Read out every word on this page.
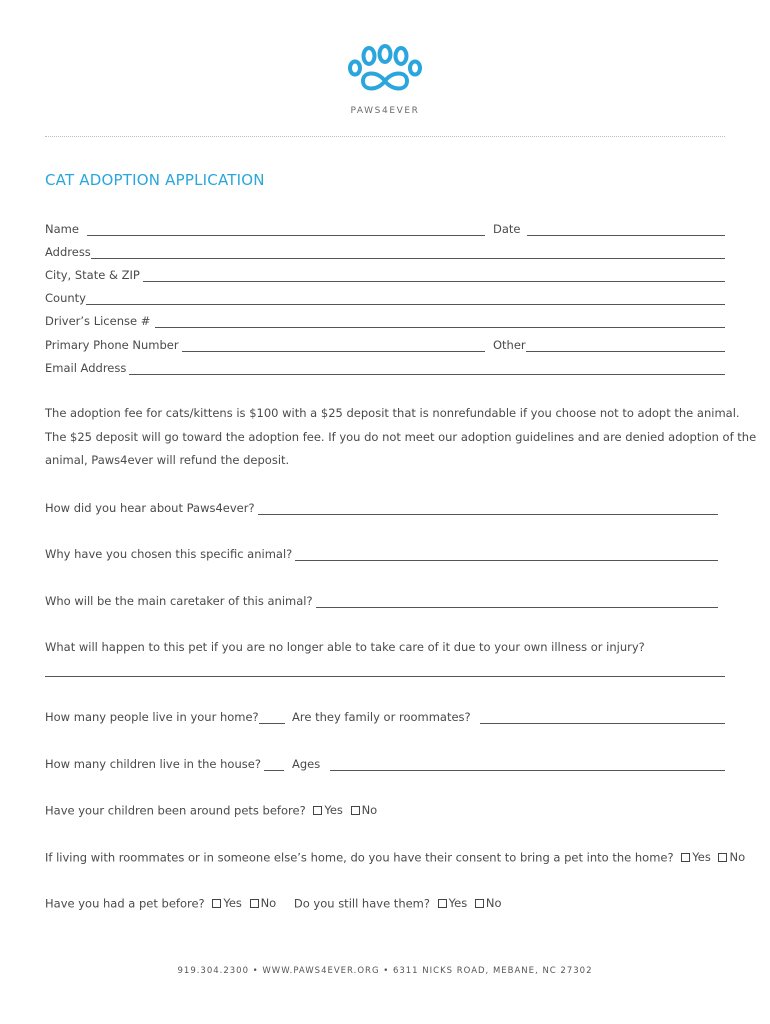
PAWS4EVER
CAT ADOPTION APPLICATION
Name	Date
Address
City, State & ZIP
County
Driver’s License #
Primary Phone Number	Other
Email Address
The adoption fee for cats/kittens is $100 with a $25 deposit that is nonrefundable if you choose not to adopt the animal.
The $25 deposit will go toward the adoption fee. If you do not meet our adoption guidelines and are denied adoption of the
animal, Paws4ever will refund the deposit.
How did you hear about Paws4ever?
Why have you chosen this specific animal?
Who will be the main caretaker of this animal?
What will happen to this pet if you are no longer able to take care of it due to your own illness or injury?
How many people live in your home?	Are they family or roommates?
How many children live in the house?	Ages
Have your children been around pets before? Yes
No
If living with roommates or in someone else’s home, do you have their consent to bring a pet into the home? Yes
No
Have you had a pet before? Yes
No Do you still have them? Yes
No
919.304.2300 • WWW.PAWS4EVER.ORG • 6311 NICKS ROAD, MEBANE, NC 27302
